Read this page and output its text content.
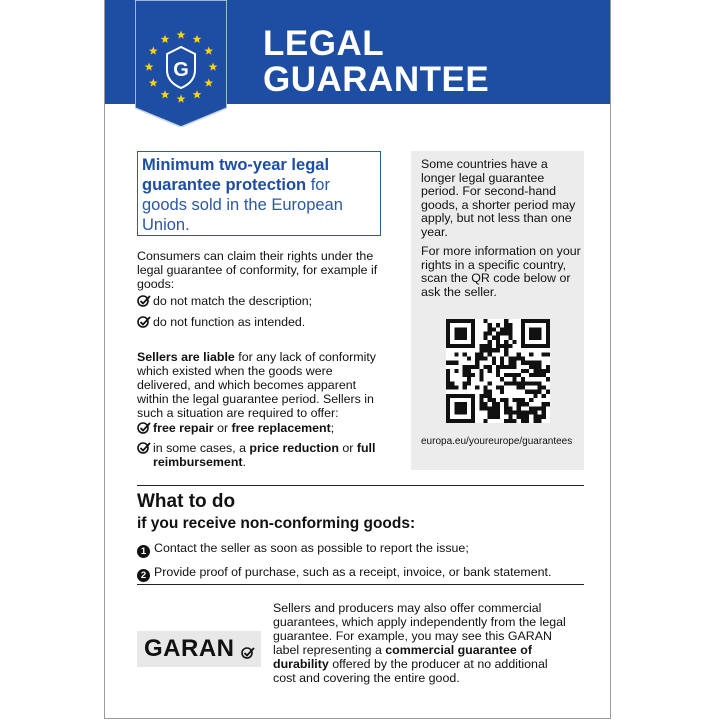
G
LEGAL
GUARANTEE
Minimum two-year legal guarantee protection for goods sold in the European Union.
Consumers can claim their rights under the legal guarantee of conformity, for example if goods:
do not match the description;
do not function as intended.
Sellers are liable for any lack of conformity which existed when the goods were delivered, and which becomes apparent within the legal guarantee period. Sellers in such a situation are required to offer:
free repair or free replacement;
in some cases, a price reduction or full reimbursement.

Some countries have a longer legal guarantee period. For second-hand goods, a shorter period may apply, but not less than one year.

For more information on your rights in a specific country, scan the QR code below or ask the seller.

europa.eu/youreurope/guarantees
What to do
if you receive non-conforming goods:
1 Contact the seller as soon as possible to report the issue;
2 Provide proof of purchase, such as a receipt, invoice, or bank statement.
GARAN
Sellers and producers may also offer commercial guarantees, which apply independently from the legal guarantee. For example, you may see this GARAN label representing a commercial guarantee of durability offered by the producer at no additional cost and covering the entire good.
